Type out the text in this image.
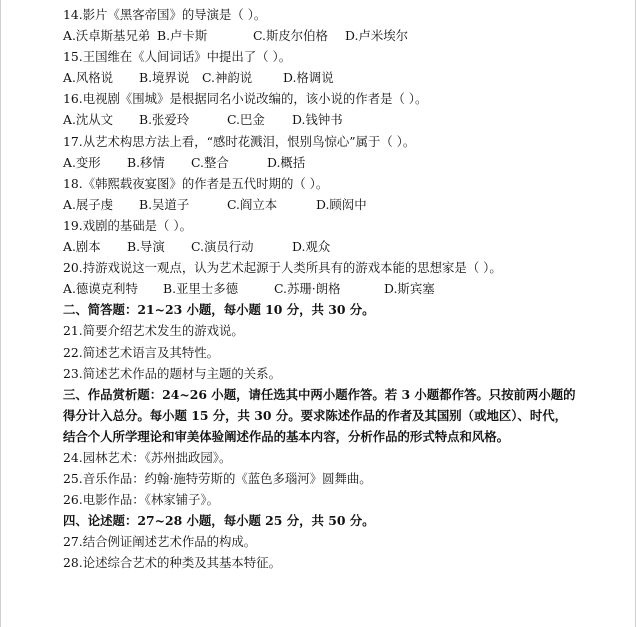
14.影片《黑客帝国》的导演是（ ）。
A.沃卓斯基兄弟 B.卢卡斯	C.斯皮尔伯格 D.卢米埃尔
15.王国维在《人间词话》中提出了（ ）。
A.风格说 B.境界说 C.神韵说 D.格调说
16.电视剧《围城》是根据同名小说改编的，该小说的作者是（ ）。
A.沈从文 B.张爱玲	C.巴金 D.钱钟书
17.从艺术构思方法上看，“感时花溅泪，恨别鸟惊心”属于（ ）。
A.变形 B.移情 C.整合	D.概括
18.《韩熙载夜宴图》的作者是五代时期的（ ）。
A.展子虔 B.吴道子	C.阎立本	D.顾闳中
19.戏剧的基础是（ ）。
A.剧本 B.导演 C.演员行动	D.观众
20.持游戏说这一观点，认为艺术起源于人类所具有的游戏本能的思想家是（ ）。
A.德谟克利特 B.亚里士多德	C.苏珊·朗格	D.斯宾塞
二、简答题：21~23 小题，每小题 10 分，共 30 分。
21.简要介绍艺术发生的游戏说。
22.简述艺术语言及其特性。
23.简述艺术作品的题材与主题的关系。
三、作品赏析题：24~26 小题，请任选其中两小题作答。若 3 小题都作答。只按前两小题的
得分计入总分。每小题 15 分，共 30 分。要求陈述作品的作者及其国别（或地区）、时代，
结合个人所学理论和审美体验阐述作品的基本内容，分析作品的形式特点和风格。
24.园林艺术：《苏州拙政园》。
25.音乐作品：约翰·施特劳斯的《蓝色多瑙河》圆舞曲。
26.电影作品：《林家铺子》。
四、论述题：27~28 小题，每小题 25 分，共 50 分。
27.结合例证阐述艺术作品的构成。
28.论述综合艺术的种类及其基本特征。
